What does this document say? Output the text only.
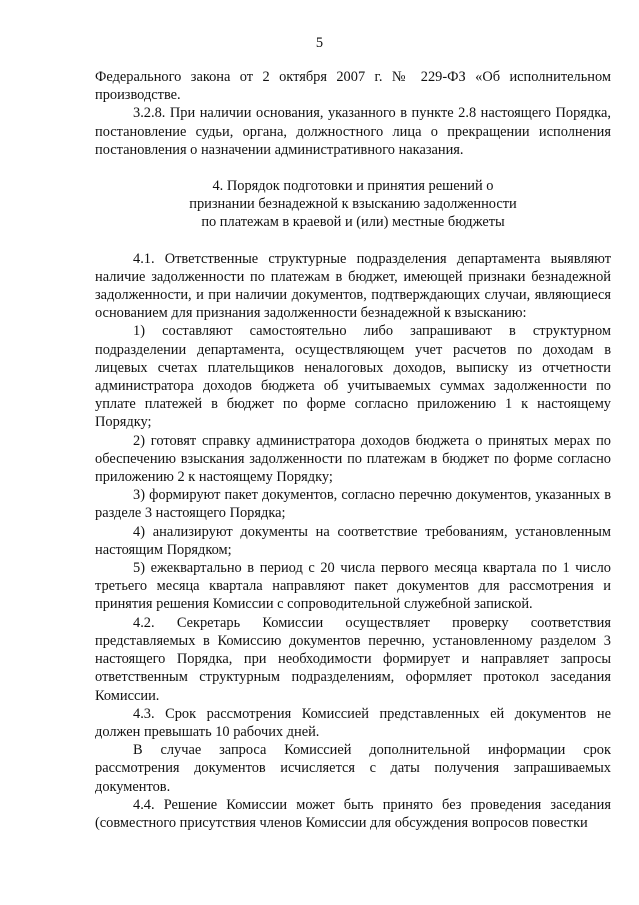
5

Федерального закона от 2 октября 2007 г. № 229-ФЗ «Об исполнительном производстве.

3.2.8. При наличии основания, указанного в пункте 2.8 настоящего Порядка, постановление судьи, органа, должностного лица о прекращении исполнения постановления о назначении административного наказания.

4. Порядок подготовки и принятия решений о
признании безнадежной к взысканию задолженности
по платежам в краевой и (или) местные бюджеты

4.1. Ответственные структурные подразделения департамента выявляют наличие задолженности по платежам в бюджет, имеющей признаки безнадежной задолженности, и при наличии документов, подтверждающих случаи, являющиеся основанием для признания задолженности безнадежной к взысканию:

1) составляют самостоятельно либо запрашивают в структурном подразделении департамента, осуществляющем учет расчетов по доходам в лицевых счетах плательщиков неналоговых доходов, выписку из отчетности администратора доходов бюджета об учитываемых суммах задолженности по уплате платежей в бюджет по форме согласно приложению 1 к настоящему Порядку;

2) готовят справку администратора доходов бюджета о принятых мерах по обеспечению взыскания задолженности по платежам в бюджет по форме согласно приложению 2 к настоящему Порядку;

3) формируют пакет документов, согласно перечню документов, указанных в разделе 3 настоящего Порядка;

4) анализируют документы на соответствие требованиям, установленным настоящим Порядком;

5) ежеквартально в период с 20 числа первого месяца квартала по 1 число третьего месяца квартала направляют пакет документов для рассмотрения и принятия решения Комиссии с сопроводительной служебной запиской.

4.2. Секретарь Комиссии осуществляет проверку соответствия представляемых в Комиссию документов перечню, установленному разделом 3 настоящего Порядка, при необходимости формирует и направляет запросы ответственным структурным подразделениям, оформляет протокол заседания Комиссии.

4.3. Срок рассмотрения Комиссией представленных ей документов не должен превышать 10 рабочих дней.

В случае запроса Комиссией дополнительной информации срок рассмотрения документов исчисляется с даты получения запрашиваемых документов.

4.4. Решение Комиссии может быть принято без проведения заседания (совместного присутствия членов Комиссии для обсуждения вопросов повестки
